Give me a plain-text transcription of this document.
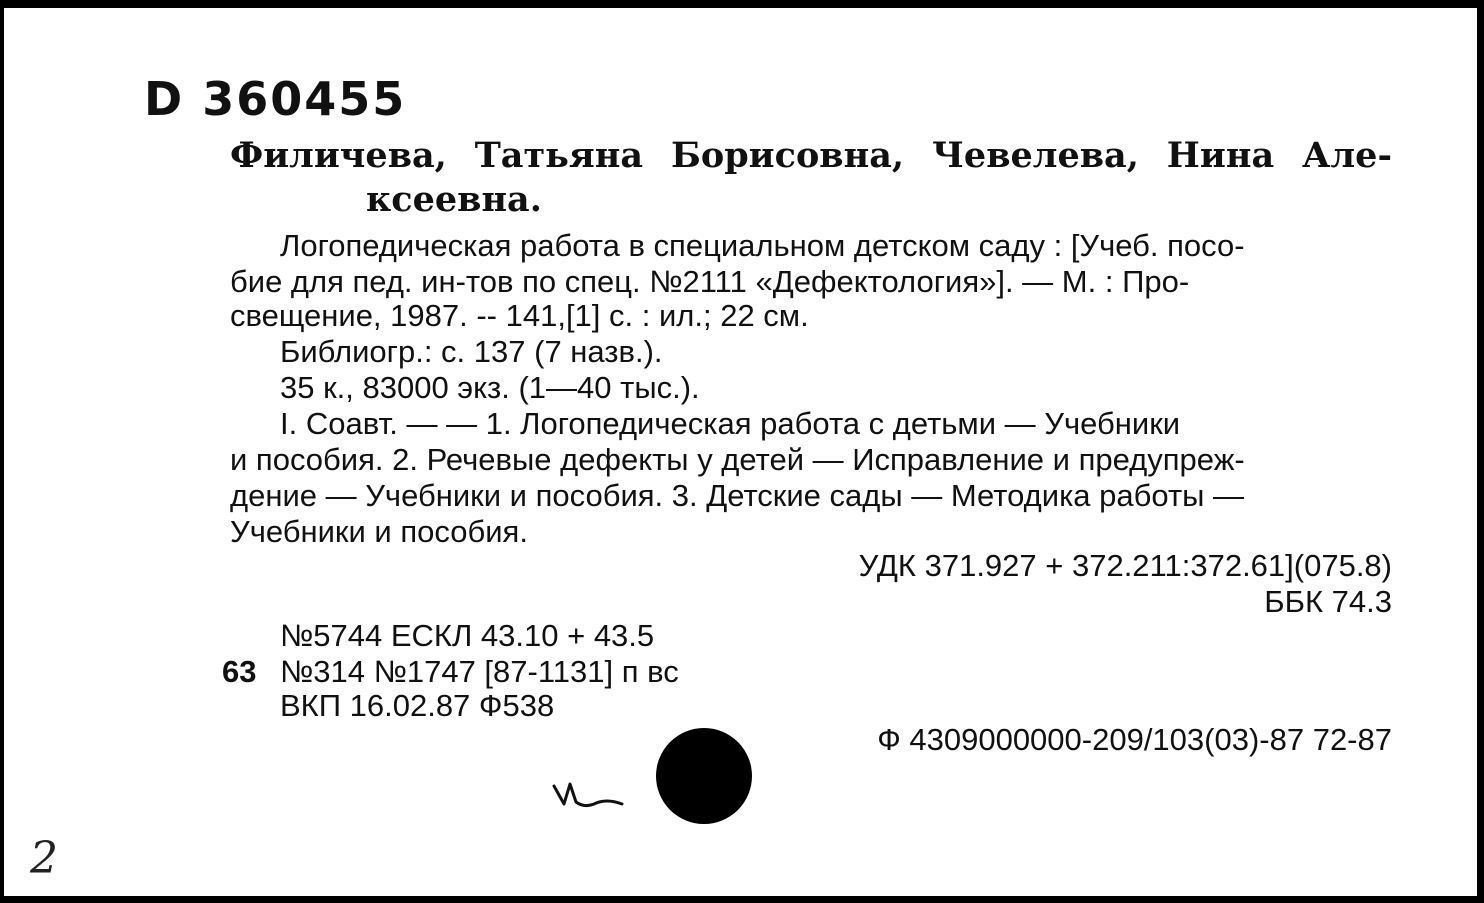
D 360455
Филичева, Татьяна Борисовна, Чевелева, Нина Але-
ксеевна.
Логопедическая работа в специальном детском саду : [Учеб. посо-
бие для пед. ин-тов по спец. №2111 «Дефектология»]. — М. : Про-
свещение, 1987. -- 141,[1] с. : ил.; 22 см.
Библиогр.: с. 137 (7 назв.).
35 к., 83000 экз. (1—40 тыс.).
I. Соавт. — — 1. Логопедическая работа с детьми — Учебники
и пособия. 2. Речевые дефекты у детей — Исправление и предупреж-
дение — Учебники и пособия. 3. Детские сады — Методика работы —
Учебники и пособия.
УДК 371.927 + 372.211:372.61](075.8)
ББК 74.3
№5744 ЕСКЛ 43.10 + 43.5
63 №314 №1747 [87-1131] п вс
ВКП 16.02.87 Ф538
Ф 4309000000-209/103(03)-87 72-87
2
